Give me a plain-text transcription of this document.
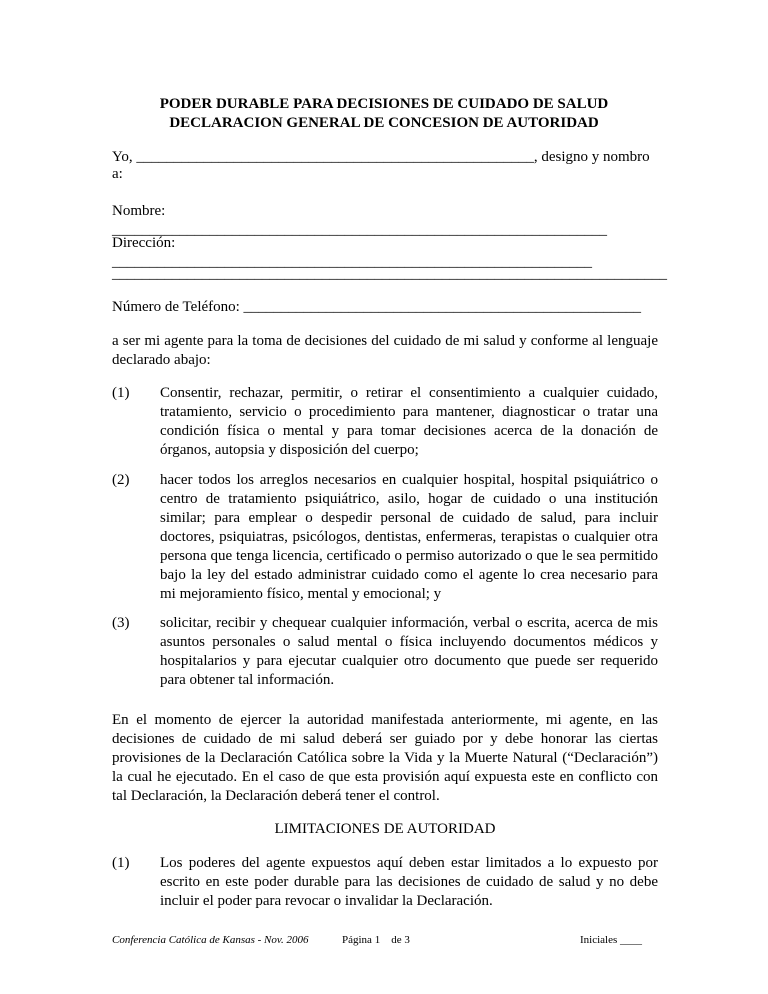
PODER DURABLE PARA DECISIONES DE CUIDADO DE SALUD
DECLARACION GENERAL DE CONCESION DE AUTORIDAD
Yo, _____________________________________________________, designo y nombro
a:
Nombre: __________________________________________________________________
Dirección: ________________________________________________________________
__________________________________________________________________________
Número de Teléfono: _____________________________________________________
a ser mi agente para la toma de decisiones del cuidado de mi salud y conforme al lenguaje declarado abajo:
(1) Consentir, rechazar, permitir, o retirar el consentimiento a cualquier cuidado, tratamiento, servicio o procedimiento para mantener, diagnosticar o tratar una condición física o mental y para tomar decisiones acerca de la donación de órganos, autopsia y disposición del cuerpo;
(2) hacer todos los arreglos necesarios en cualquier hospital, hospital psiquiátrico o centro de tratamiento psiquiátrico, asilo, hogar de cuidado o una institución similar; para emplear o despedir personal de cuidado de salud, para incluir doctores, psiquiatras, psicólogos, dentistas, enfermeras, terapistas o cualquier otra persona que tenga licencia, certificado o permiso autorizado o que le sea permitido bajo la ley del estado administrar cuidado como el agente lo crea necesario para mi mejoramiento físico, mental y emocional; y
(3) solicitar, recibir y chequear cualquier información, verbal o escrita, acerca de mis asuntos personales o salud mental o física incluyendo documentos médicos y hospitalarios y para ejecutar cualquier otro documento que puede ser requerido para obtener tal información.
En el momento de ejercer la autoridad manifestada anteriormente, mi agente, en las decisiones de cuidado de mi salud deberá ser guiado por y debe honorar las ciertas provisiones de la Declaración Católica sobre la Vida y la Muerte Natural (“Declaración”) la cual he ejecutado. En el caso de que esta provisión aquí expuesta este en conflicto con tal Declaración, la Declaración deberá tener el control.
LIMITACIONES DE AUTORIDAD
(1) Los poderes del agente expuestos aquí deben estar limitados a lo expuesto por escrito en este poder durable para las decisiones de cuidado de salud y no debe incluir el poder para revocar o invalidar la Declaración.
Conferencia Católica de Kansas - Nov. 2006	Página 1    de 3	Iniciales ____
